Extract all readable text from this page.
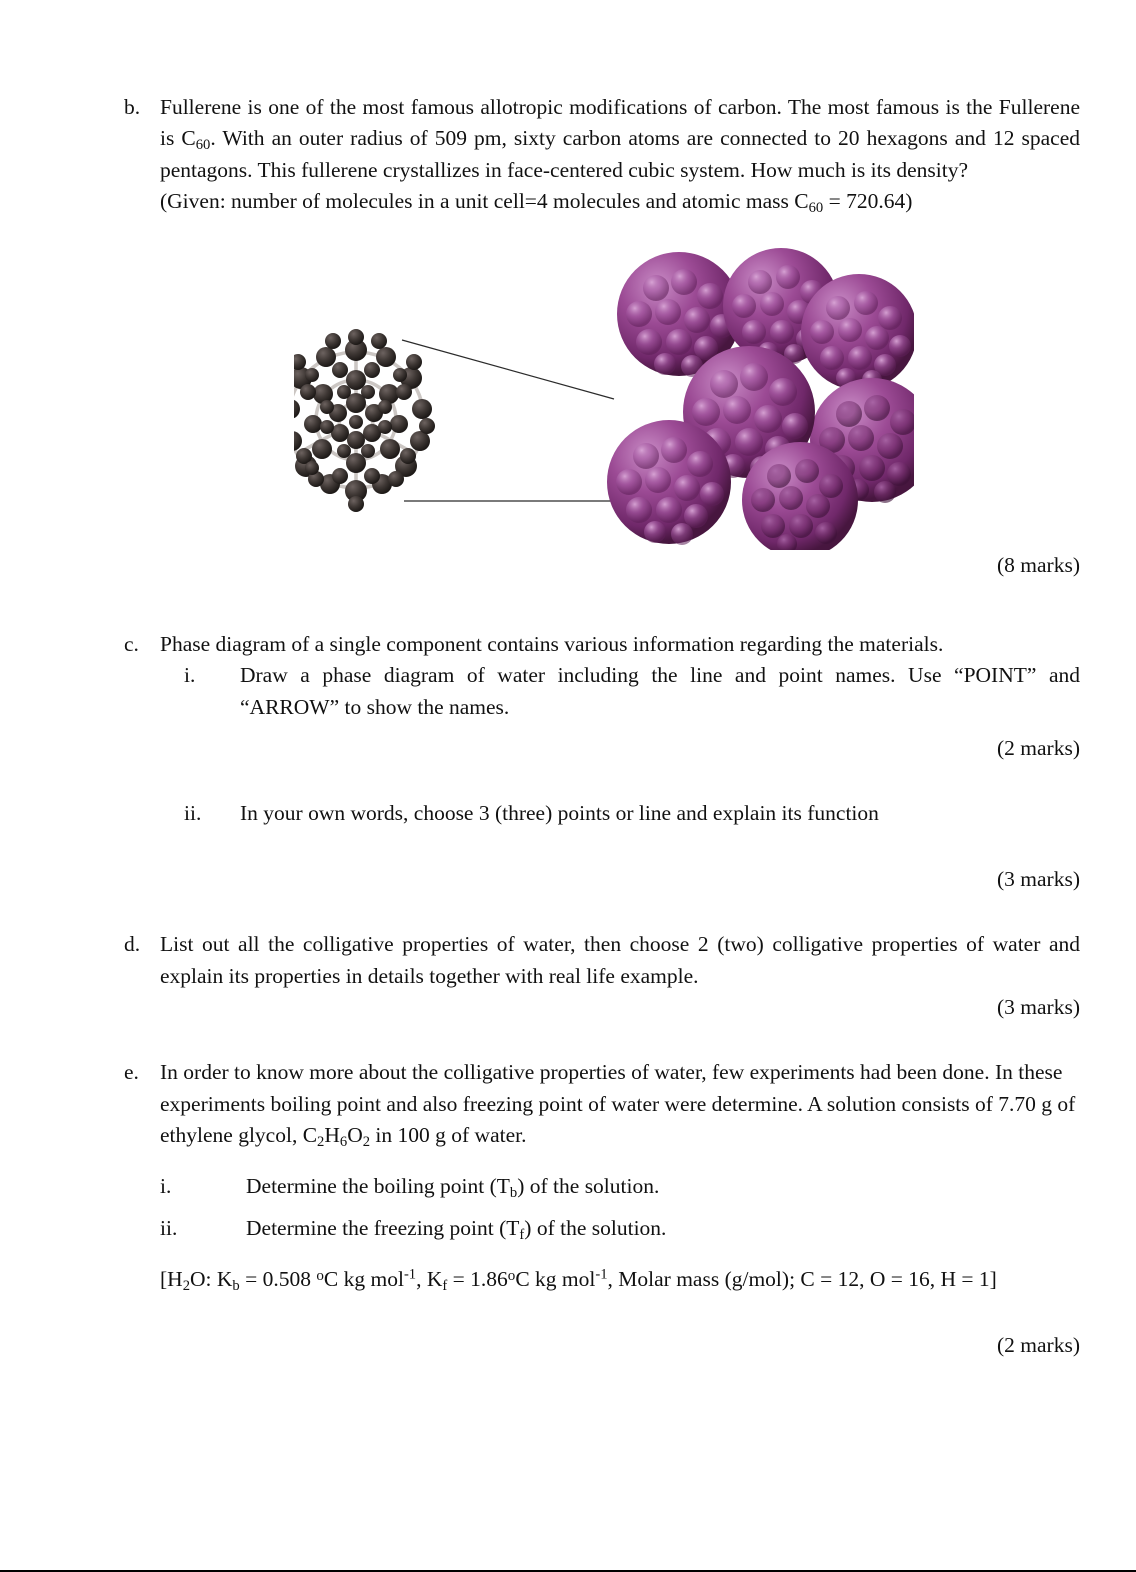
b. Fullerene is one of the most famous allotropic modifications of carbon. The most famous is the Fullerene is $C_{60}$. With an outer radius of 509 pm, sixty carbon atoms are connected to 20 hexagons and 12 spaced pentagons. This fullerene crystallizes in face-centered cubic system. How much is its density?
(Given: number of molecules in a unit cell=4 molecules and atomic mass $C_{60} = 720.64$)
(8 marks)
c. Phase diagram of a single component contains various information regarding the materials.
i.	Draw a phase diagram of water including the line and point names. Use “POINT” and “ARROW” to show the names.
(2 marks)
ii.	In your own words, choose 3 (three) points or line and explain its function
(3 marks)
d. List out all the colligative properties of water, then choose 2 (two) colligative properties of water and explain its properties in details together with real life example.
(3 marks)
e. In order to know more about the colligative properties of water, few experiments had been done. In these experiments boiling point and also freezing point of water were determine. A solution consists of 7.70 g of ethylene glycol, $C_2H_6O_2$ in 100 g of water.
i.	Determine the boiling point $(T_b)$ of the solution.
ii.	Determine the freezing point $(T_f)$ of the solution.
[$H_2O$: $K_b = 0.508$ $^o$C kg mol$^{-1}$, $K_f = 1.86^oC$ kg mol$^{-1}$, Molar mass (g/mol); C = 12, O = 16, H = 1]
(2 marks)
